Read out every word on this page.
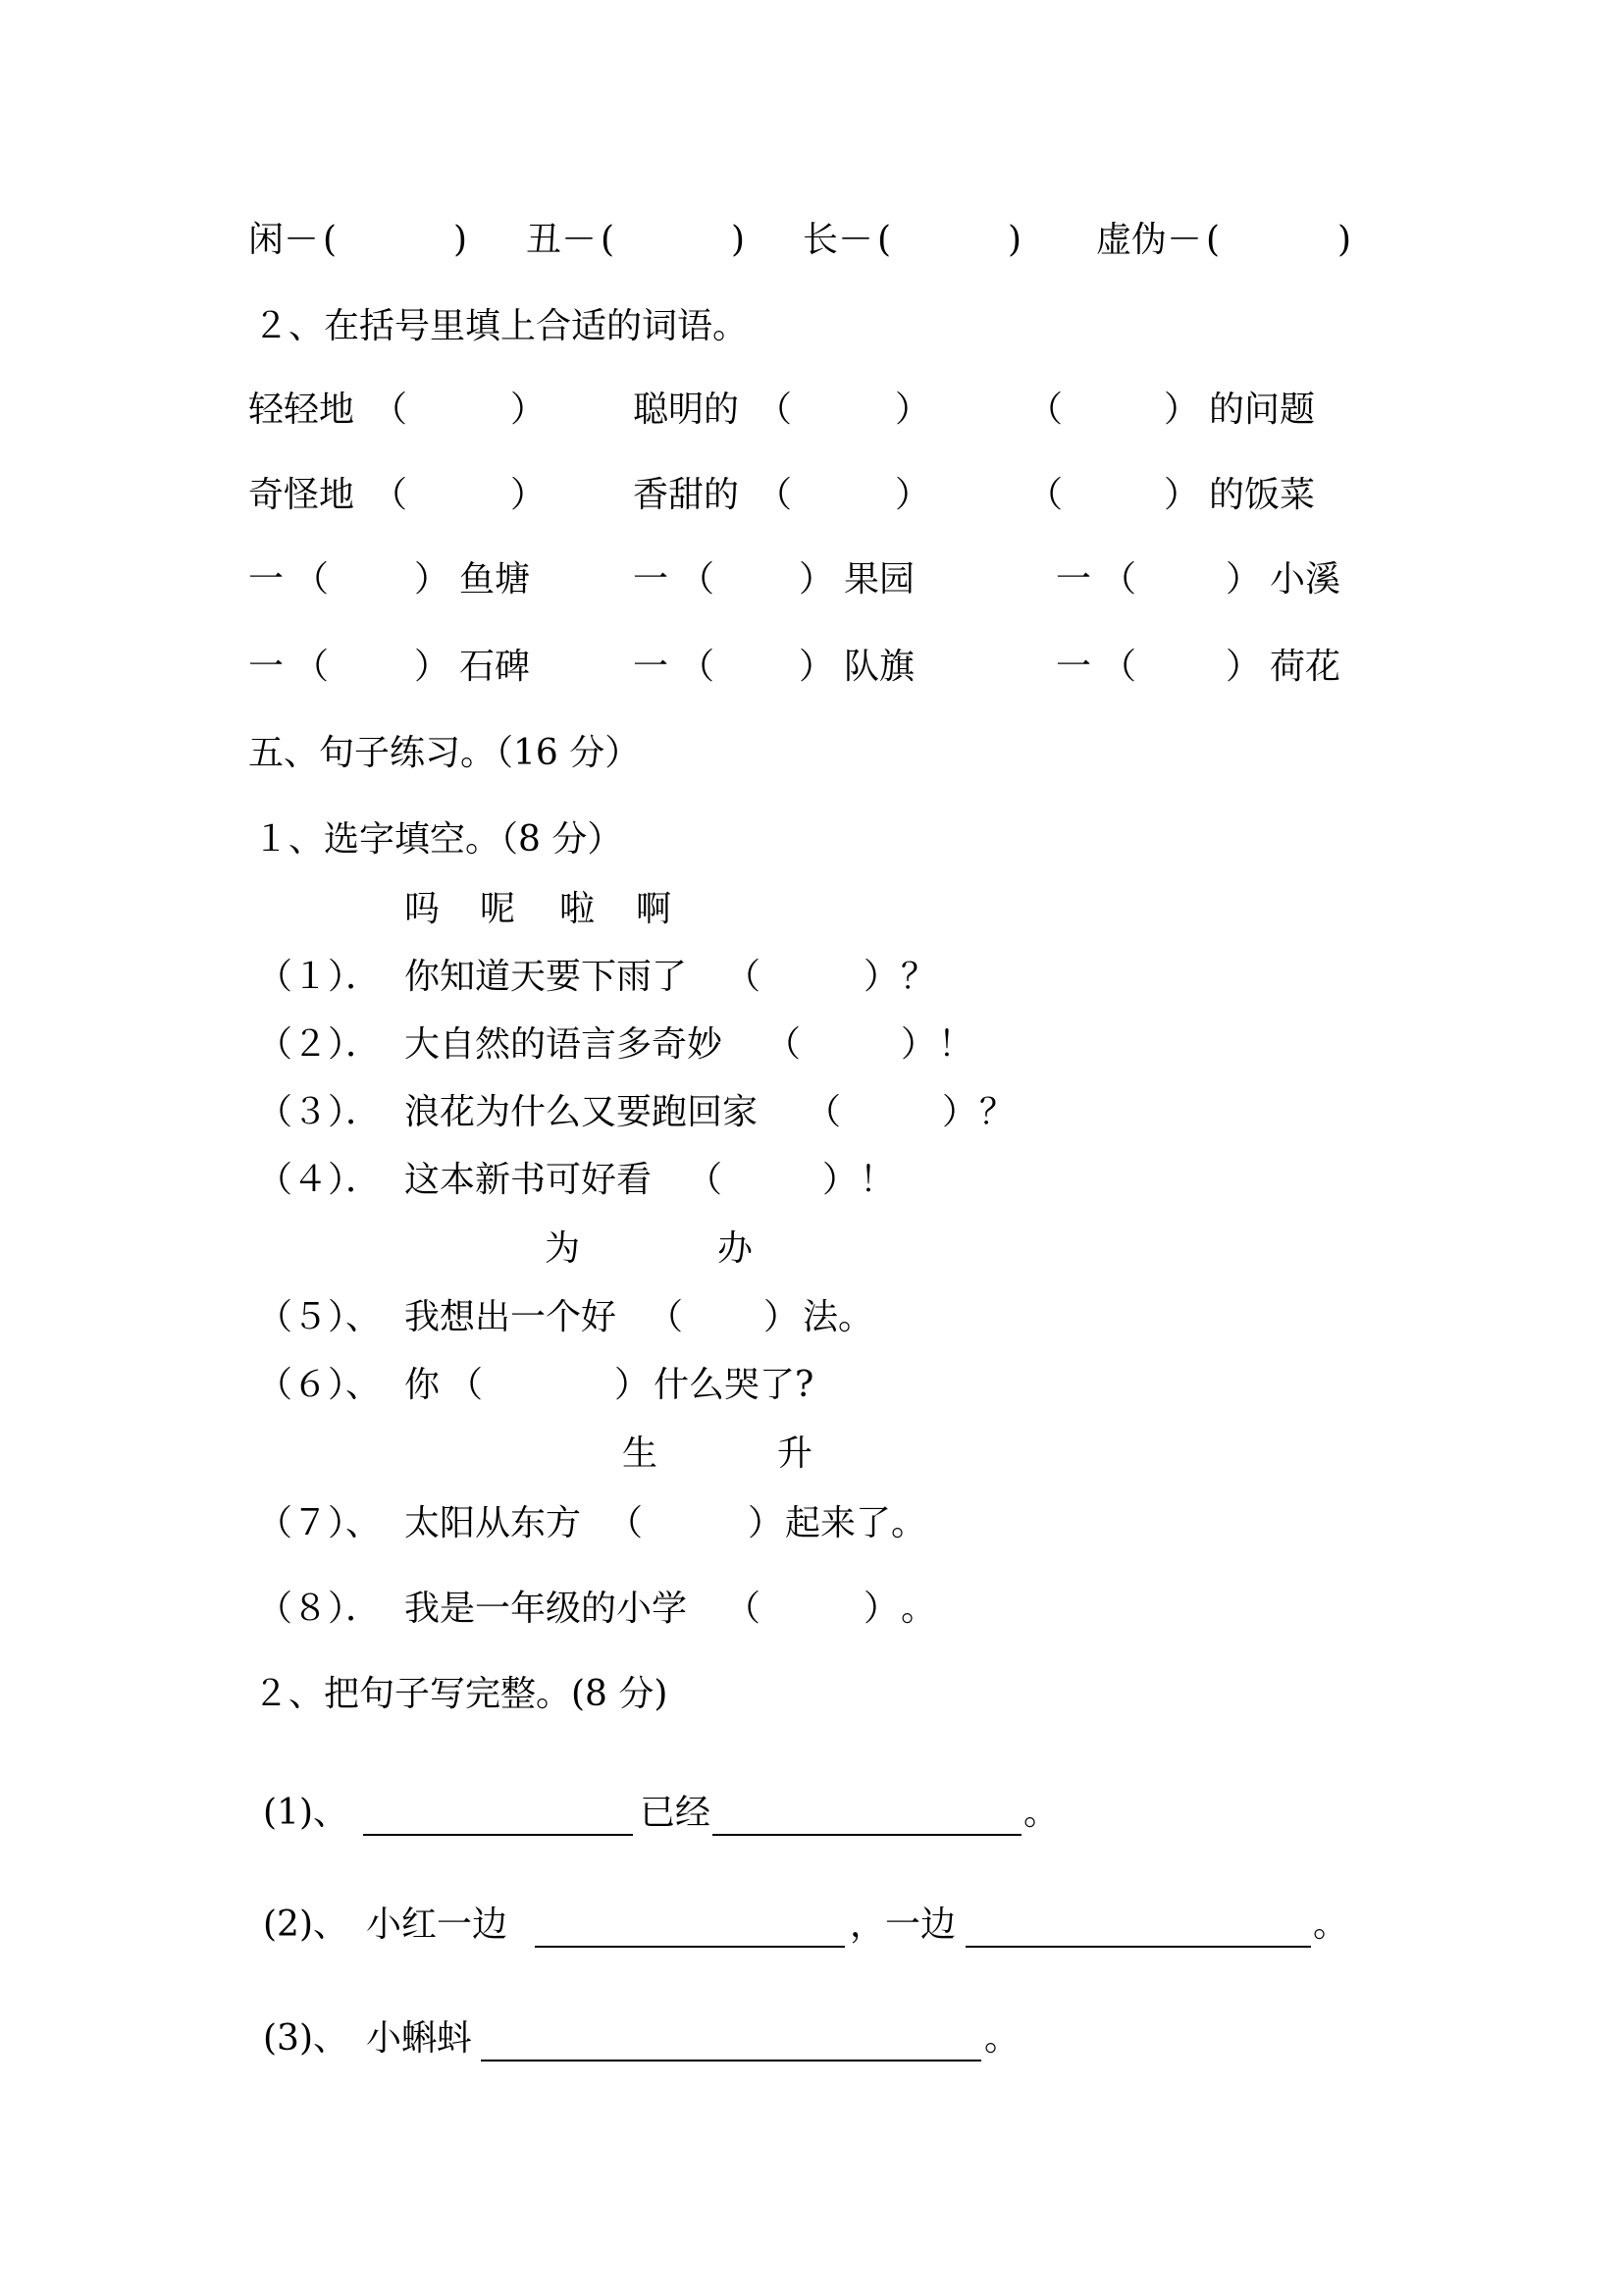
闲 － (	) 丑 － (	) 长 － (	) 虚伪 － (	)
２、在括号里填上合适的词语。
轻轻地 （	） 聪明的 （	）	（	） 的问题
奇怪地 （	） 香甜的 （	）	（	） 的饭菜
一 （ ） 鱼塘	一 （ ） 果园	一 （	） 小溪
一 （ ） 石碑	一 （ ） 队旗	一 （	） 荷花
五、句子练习。（16 分）
１、选字填空。（8 分）
吗 呢 啦 啊
（１）． 你知道天要下雨了 （	） ？
（２）． 大自然的语言多奇妙 （	） ！
（３）． 浪花为什么又要跑回家 （	） ？
（４）． 这本新书可好看 （	） ！
为	办
（５）、 我想出一个好 （ ） 法。
（６）、 你 （	） 什么哭了?
生	升
（７）、 太阳从东方 （	） 起来了。
（８）． 我是一年级的小学 （	） 。
２、把句子写完整。(8 分)
(1)、	已经	。
(2)、 小红一边	，一边	。
(3)、 小蝌蚪	。
